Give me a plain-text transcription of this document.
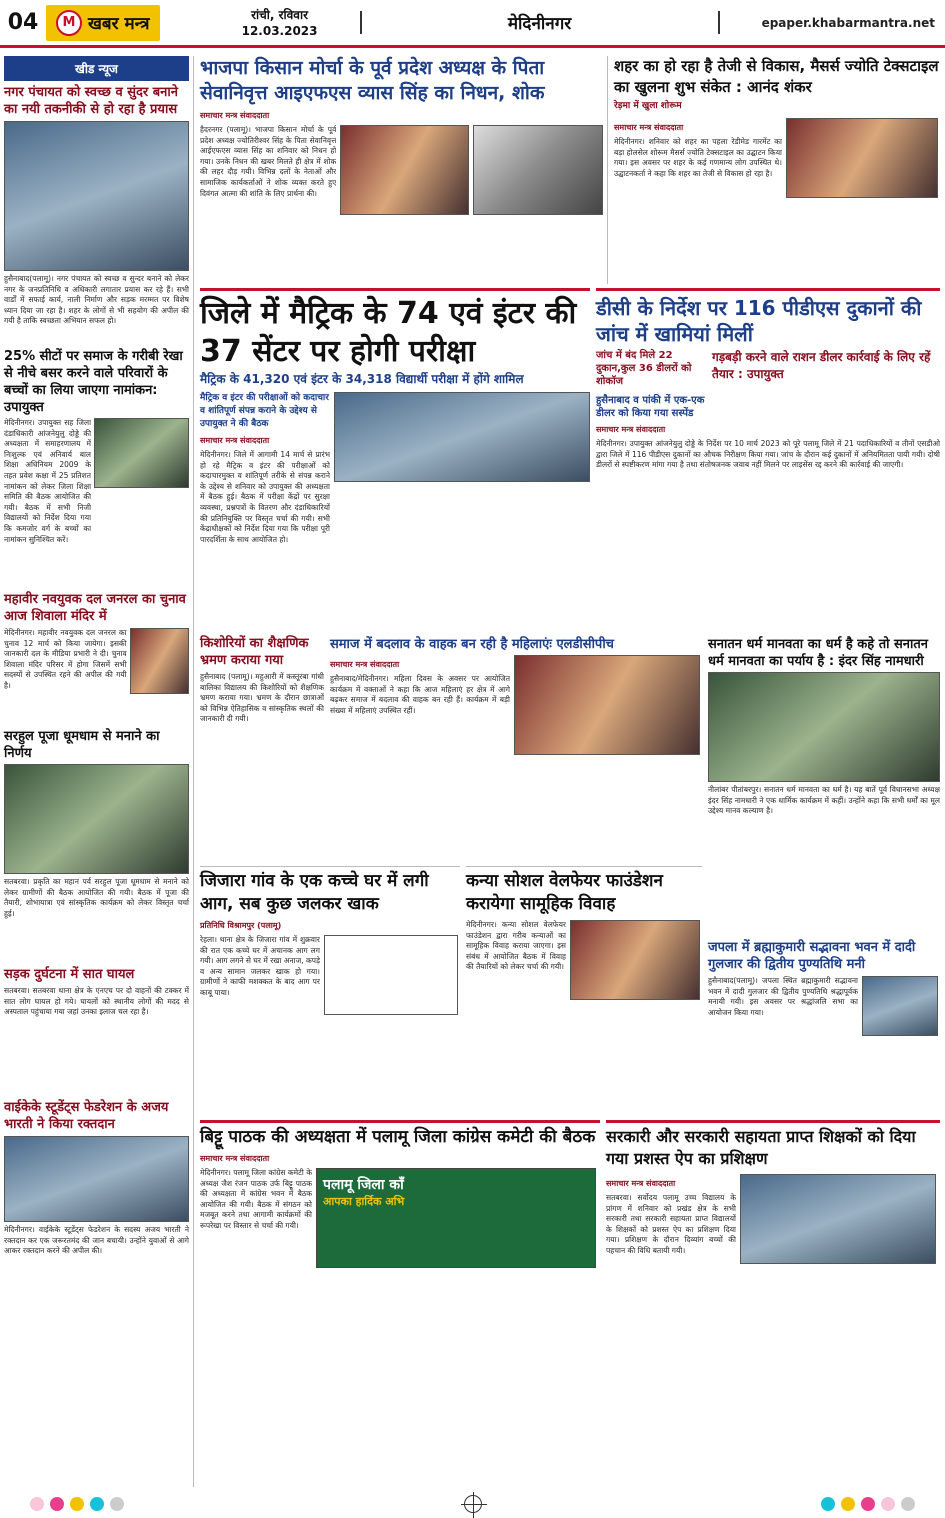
04	M खबर मन्त्र	रांची, रविवार
12.03.2023	मेदिनीनगर	epaper.khabarmantra.net
खीड न्यूज
नगर पंचायत को स्वच्छ व सुंदर बनाने का नयी तकनीकी से हो रहा है प्रयास
हुसैनाबाद(पलामू)। नगर पंचायत को स्वच्छ व सुन्दर बनाने को लेकर नगर के जनप्रतिनिधि व अधिकारी लगातार प्रयास कर रहे हैं। सभी वार्डों में सफाई कार्य, नाली निर्माण और सड़क मरम्मत पर विशेष ध्यान दिया जा रहा है। शहर के लोगों से भी सहयोग की अपील की गयी है ताकि स्वच्छता अभियान सफल हो।
25% सीटों पर समाज के गरीबी रेखा से नीचे बसर करने वाले परिवारों के बच्चों का लिया जाएगा नामांकन: उपायुक्त
मेदिनीनगर। उपायुक्त सह जिला दंडाधिकारी आंजनेयुलु दोड्डे की अध्यक्षता में समाहरणालय में निःशुल्क एवं अनिवार्य बाल शिक्षा अधिनियम 2009 के तहत प्रवेश कक्षा में 25 प्रतिशत नामांकन को लेकर जिला शिक्षा समिति की बैठक आयोजित की गयी। बैठक में सभी निजी विद्यालयों को निर्देश दिया गया कि कमजोर वर्ग के बच्चों का नामांकन सुनिश्चित करें।
महावीर नवयुवक दल जनरल का चुनाव आज शिवाला मंदिर में
मेदिनीनगर। महावीर नवयुवक दल जनरल का चुनाव 12 मार्च को किया जायेगा। इसकी जानकारी दल के मीडिया प्रभारी ने दी। चुनाव शिवाला मंदिर परिसर में होगा जिसमें सभी सदस्यों से उपस्थित रहने की अपील की गयी है।
सरहुल पूजा धूमधाम से मनाने का निर्णय
सतबरवा। प्रकृति का महान पर्व सरहुल पूजा धूमधाम से मनाने को लेकर ग्रामीणों की बैठक आयोजित की गयी। बैठक में पूजा की तैयारी, शोभायात्रा एवं सांस्कृतिक कार्यक्रम को लेकर विस्तृत चर्चा हुई।
सड़क दुर्घटना में सात घायल
सतबरवा। सतबरवा थाना क्षेत्र के एनएच पर दो वाहनों की टक्कर में सात लोग घायल हो गये। घायलों को स्थानीय लोगों की मदद से अस्पताल पहुंचाया गया जहां उनका इलाज चल रहा है।
वाईकेके स्टूडेंट्स फेडरेशन के अजय भारती ने किया रक्तदान
मेदिनीनगर। वाईकेके स्टूडेंट्स फेडरेशन के सदस्य अजय भारती ने रक्तदान कर एक जरूरतमंद की जान बचायी। उन्होंने युवाओं से आगे आकर रक्तदान करने की अपील की।
भाजपा किसान मोर्चा के पूर्व प्रदेश अध्यक्ष के पिता सेवानिवृत्त आइएफएस व्यास सिंह का निधन, शोक
समाचार मन्त्र संवाददाता
हैदरनगर (पलामू)। भाजपा किसान मोर्चा के पूर्व प्रदेश अध्यक्ष ज्योतिरीश्वर सिंह के पिता सेवानिवृत्त आईएफएस व्यास सिंह का शनिवार को निधन हो गया। उनके निधन की खबर मिलते ही क्षेत्र में शोक की लहर दौड़ गयी। विभिन्न दलों के नेताओं और सामाजिक कार्यकर्ताओं ने शोक व्यक्त करते हुए दिवंगत आत्मा की शांति के लिए प्रार्थना की।
शहर का हो रहा है तेजी से विकास, मैसर्स ज्योति टेक्सटाइल का खुलना शुभ संकेत : आनंद शंकर
रेड़मा में खुला शोरूम
समाचार मन्त्र संवाददाता
मेदिनीनगर। शनिवार को शहर का पहला रेडीमेड गारमेंट का बड़ा होलसेल शोरूम मैसर्स ज्योति टेक्सटाइल का उद्घाटन किया गया। इस अवसर पर शहर के कई गणमान्य लोग उपस्थित थे। उद्घाटनकर्ता ने कहा कि शहर का तेजी से विकास हो रहा है।
जिले में मैट्रिक के 74 एवं इंटर की 37 सेंटर पर होगी परीक्षा
मैट्रिक के 41,320 एवं इंटर के 34,318 विद्यार्थी परीक्षा में होंगे शामिल
मैट्रिक व इंटर की परीक्षाओं को कदाचार व शांतिपूर्ण संपन्न कराने के उद्देश्य से उपायुक्त ने की बैठक
समाचार मन्त्र संवाददाता
मेदिनीनगर। जिले में आगामी 14 मार्च से प्रारंभ हो रहे मैट्रिक व इंटर की परीक्षाओं को कदाचारमुक्त व शांतिपूर्ण तरीके से संपन्न कराने के उद्देश्य से शनिवार को उपायुक्त की अध्यक्षता में बैठक हुई। बैठक में परीक्षा केंद्रों पर सुरक्षा व्यवस्था, प्रश्नपत्रों के वितरण और दंडाधिकारियों की प्रतिनियुक्ति पर विस्तृत चर्चा की गयी। सभी केंद्राधीक्षकों को निर्देश दिया गया कि परीक्षा पूरी पारदर्शिता के साथ आयोजित हो।
डीसी के निर्देश पर 116 पीडीएस दुकानों की जांच में खामियां मिलीं
जांच में बंद मिले 22 दुकान,कुल 36 डीलरों को शोकॉज
हुसैनाबाद व पांकी में एक-एक डीलर को किया गया सस्पेंड
गड़बड़ी करने वाले राशन डीलर कार्रवाई के लिए रहें तैयार : उपायुक्त
समाचार मन्त्र संवाददाता
मेदिनीनगर। उपायुक्त आंजनेयुलु दोड्डे के निर्देश पर 10 मार्च 2023 को पूरे पलामू जिले में 21 पदाधिकारियों व तीनों एसडीओ द्वारा जिले में 116 पीडीएस दुकानों का औचक निरीक्षण किया गया। जांच के दौरान कई दुकानों में अनियमितता पायी गयी। दोषी डीलरों से स्पष्टीकरण मांगा गया है तथा संतोषजनक जवाब नहीं मिलने पर लाइसेंस रद्द करने की कार्रवाई की जाएगी।
किशोरियों का शैक्षणिक भ्रमण कराया गया
हुसैनाबाद (पलामू)। महुआरी में कस्तूरबा गांधी बालिका विद्यालय की किशोरियों को शैक्षणिक भ्रमण कराया गया। भ्रमण के दौरान छात्राओं को विभिन्न ऐतिहासिक व सांस्कृतिक स्थलों की जानकारी दी गयी।
समाज में बदलाव के वाहक बन रही है महिलाएंः एलडीसीपीच
समाचार मन्त्र संवाददाता
हुसैनाबाद/मेदिनीनगर। महिला दिवस के अवसर पर आयोजित कार्यक्रम में वक्ताओं ने कहा कि आज महिलाएं हर क्षेत्र में आगे बढ़कर समाज में बदलाव की वाहक बन रही हैं। कार्यक्रम में बड़ी संख्या में महिलाएं उपस्थित रहीं।
सनातन धर्म मानवता का धर्म है कहे तो सनातन धर्म मानवता का पर्याय है : इंदर सिंह नामधारी
नीलांबर पीतांबरपुर। सनातन धर्म मानवता का धर्म है। यह बातें पूर्व विधानसभा अध्यक्ष इंदर सिंह नामधारी ने एक धार्मिक कार्यक्रम में कहीं। उन्होंने कहा कि सभी धर्मों का मूल उद्देश्य मानव कल्याण है।
जिजारा गांव के एक कच्चे घर में लगी आग, सब कुछ जलकर खाक
प्रतिनिधि विश्रामपुर (पलामू)
रेहला। थाना क्षेत्र के जिजारा गांव में शुक्रवार की रात एक कच्चे घर में अचानक आग लग गयी। आग लगने से घर में रखा अनाज, कपड़े व अन्य सामान जलकर खाक हो गया। ग्रामीणों ने काफी मशक्कत के बाद आग पर काबू पाया।
कन्या सोशल वेलफेयर फाउंडेशन करायेगा सामूहिक विवाह
मेदिनीनगर। कन्या सोशल वेलफेयर फाउंडेशन द्वारा गरीब कन्याओं का सामूहिक विवाह कराया जाएगा। इस संबंध में आयोजित बैठक में विवाह की तैयारियों को लेकर चर्चा की गयी।
जपला में ब्रह्माकुमारी सद्भावना भवन में दादी गुलजार की द्वितीय पुण्यतिथि मनी
हुसैनाबाद(पलामू)। जपला स्थित ब्रह्माकुमारी सद्भावना भवन में दादी गुलजार की द्वितीय पुण्यतिथि श्रद्धापूर्वक मनायी गयी। इस अवसर पर श्रद्धांजलि सभा का आयोजन किया गया।
बिट्टू पाठक की अध्यक्षता में पलामू जिला कांग्रेस कमेटी की बैठक
समाचार मन्त्र संवाददाता
मेदिनीनगर। पलामू जिला कांग्रेस कमेटी के अध्यक्ष जैश रंजन पाठक उर्फ बिट्टू पाठक की अध्यक्षता में कांग्रेस भवन में बैठक आयोजित की गयी। बैठक में संगठन को मजबूत करने तथा आगामी कार्यक्रमों की रूपरेखा पर विस्तार से चर्चा की गयी।
पलामू जिला कॉं
आपका हार्दिक अभि
सरकारी और सरकारी सहायता प्राप्त शिक्षकों को दिया गया प्रशस्त ऐप का प्रशिक्षण
समाचार मन्त्र संवाददाता
सतबरवा। सर्वोदय पलामू उच्च विद्यालय के प्रांगण में शनिवार को प्रखंड क्षेत्र के सभी सरकारी तथा सरकारी सहायता प्राप्त विद्यालयों के शिक्षकों को प्रशस्त ऐप का प्रशिक्षण दिया गया। प्रशिक्षण के दौरान दिव्यांग बच्चों की पहचान की विधि बतायी गयी।
